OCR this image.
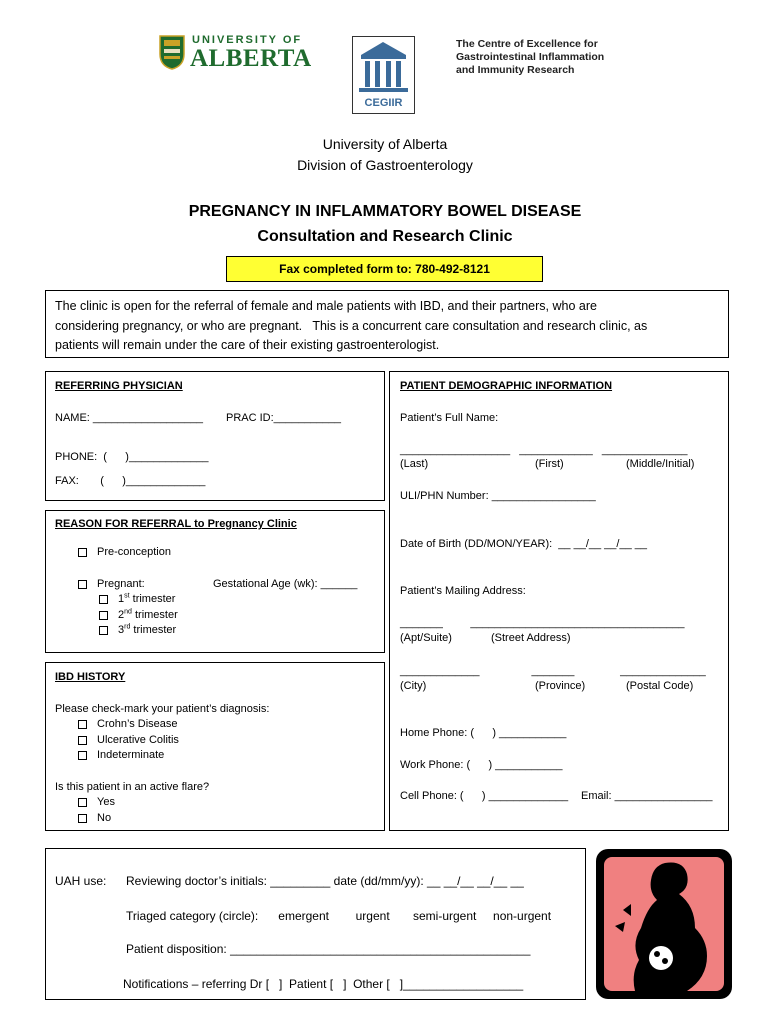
UNIVERSITY OF
ALBERTA
CEGIIR
The Centre of Excellence for
Gastrointestinal Inflammation
and Immunity Research
University of Alberta
Division of Gastroenterology
PREGNANCY IN INFLAMMATORY BOWEL DISEASE
Consultation and Research Clinic
Fax completed form to: 780-492-8121
The clinic is open for the referral of female and male patients with IBD, and their partners, who are
considering pregnancy, or who are pregnant.   This is a concurrent care consultation and research clinic, as
patients will remain under the care of their existing gastroenterologist.
REFERRING PHYSICIAN
NAME: __________________ PRAC ID:___________
PHONE:  (      )_____________
FAX:       (      )_____________
REASON FOR REFERRAL to Pregnancy Clinic
Pre-conception
Pregnant:	Gestational Age (wk): ______
1st trimester
2nd trimester
3rd trimester
IBD HISTORY
Please check-mark your patient’s diagnosis:
Crohn’s Disease
Ulcerative Colitis
Indeterminate
Is this patient in an active flare?
Yes
No
PATIENT DEMOGRAPHIC INFORMATION
Patient’s Full Name:
__________________   ____________   ______________
(Last)	(First)	(Middle/Initial)
ULI/PHN Number: _________________
Date of Birth (DD/MON/YEAR):  __ __/__ __/__ __
Patient’s Mailing Address:
_______         ___________________________________
(Apt/Suite)	(Street Address)
_____________                 _______               ______________
(City)	(Province)	(Postal Code)
Home Phone: (      ) ___________
Work Phone: (      ) ___________
Cell Phone: (      ) _____________ Email: ________________
UAH use: Reviewing doctor’s initials: _________ date (dd/mm/yy): __ __/__ __/__ __
Triaged category (circle):      emergent        urgent       semi-urgent     non-urgent
Patient disposition: _____________________________________________
Notifications – referring Dr [   ]  Patient [   ]  Other [   ]__________________
